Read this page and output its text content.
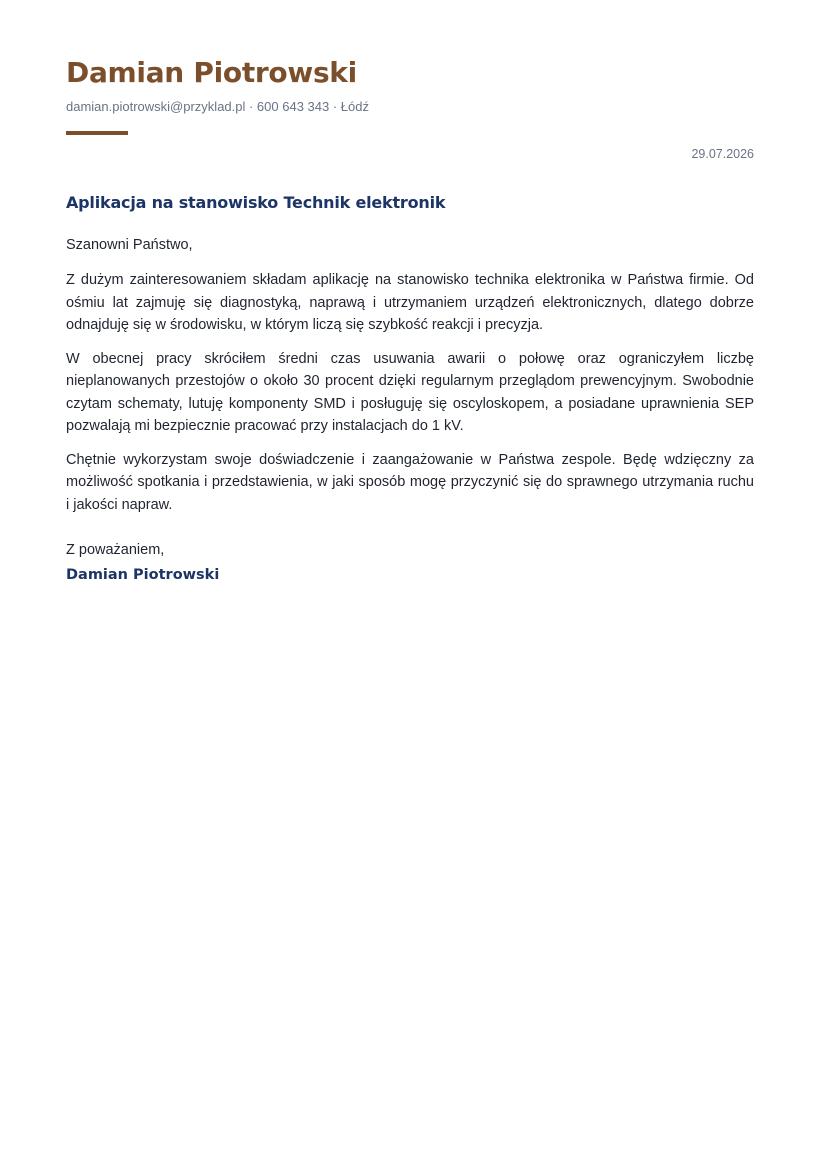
Damian Piotrowski
damian.piotrowski@przyklad.pl · 600 643 343 · Łódź
29.07.2026
Aplikacja na stanowisko Technik elektronik
Szanowni Państwo,

Z dużym zainteresowaniem składam aplikację na stanowisko technika elektronika w Państwa firmie. Od ośmiu lat zajmuję się diagnostyką, naprawą i utrzymaniem urządzeń elektronicznych, dlatego dobrze odnajduję się w środowisku, w którym liczą się szybkość reakcji i precyzja.

W obecnej pracy skróciłem średni czas usuwania awarii o połowę oraz ograniczyłem liczbę nieplanowanych przestojów o około 30 procent dzięki regularnym przeglądom prewencyjnym. Swobodnie czytam schematy, lutuję komponenty SMD i posługuję się oscyloskopem, a posiadane uprawnienia SEP pozwalają mi bezpiecznie pracować przy instalacjach do 1 kV.

Chętnie wykorzystam swoje doświadczenie i zaangażowanie w Państwa zespole. Będę wdzięczny za możliwość spotkania i przedstawienia, w jaki sposób mogę przyczynić się do sprawnego utrzymania ruchu i jakości napraw.

Z poważaniem,
Damian Piotrowski
